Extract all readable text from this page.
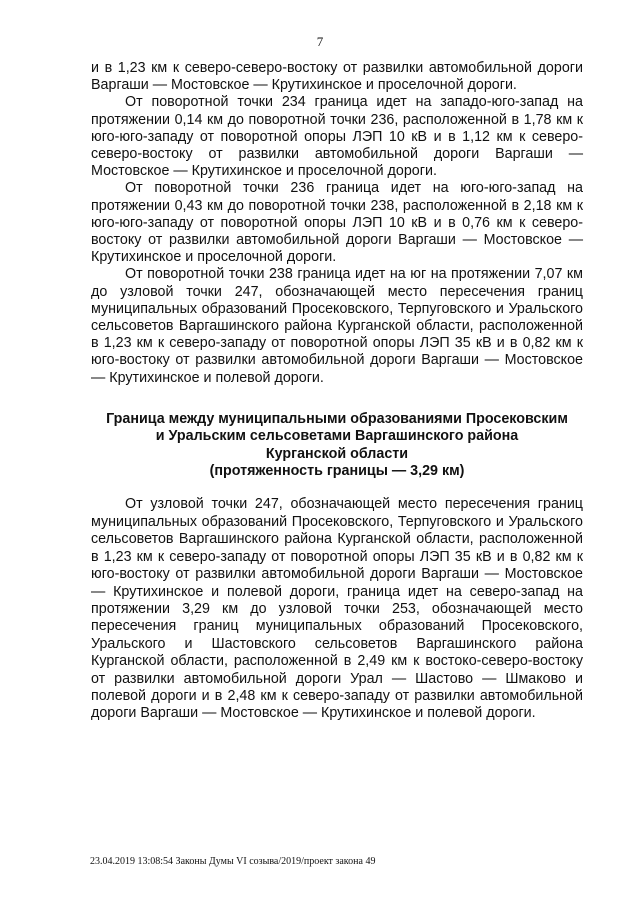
7

и в 1,23 км к северо-северо-востоку от развилки автомобильной дороги Варгаши — Мостовское — Крутихинское и проселочной дороги.

От поворотной точки 234 граница идет на западо-юго-запад на протяжении 0,14 км до поворотной точки 236, расположенной в 1,78 км к юго-юго-западу от поворотной опоры ЛЭП 10 кВ и в 1,12 км к северо-северо-востоку от развилки автомобильной дороги Варгаши — Мостовское — Крутихинское и проселочной дороги.

От поворотной точки 236 граница идет на юго-юго-запад на протяжении 0,43 км до поворотной точки 238, расположенной в 2,18 км к юго-юго-западу от поворотной опоры ЛЭП 10 кВ и в 0,76 км к северо-востоку от развилки автомобильной дороги Варгаши — Мостовское — Крутихинское и проселочной дороги.

От поворотной точки 238 граница идет на юг на протяжении 7,07 км до узловой точки 247, обозначающей место пересечения границ муниципальных образований Просековского, Терпуговского и Уральского сельсоветов Варгашинского района Курганской области, расположенной в 1,23 км к северо-западу от поворотной опоры ЛЭП 35 кВ и в 0,82 км к юго-востоку от развилки автомобильной дороги Варгаши — Мостовское — Крутихинское и полевой дороги.

Граница между муниципальными образованиями Просековским
и Уральским сельсоветами Варгашинского района
Курганской области
(протяженность границы — 3,29 км)

От узловой точки 247, обозначающей место пересечения границ муниципальных образований Просековского, Терпуговского и Уральского сельсоветов Варгашинского района Курганской области, расположенной в 1,23 км к северо-западу от поворотной опоры ЛЭП 35 кВ и в 0,82 км к юго-востоку от развилки автомобильной дороги Варгаши — Мостовское — Крутихинское и полевой дороги, граница идет на северо-запад на протяжении 3,29 км до узловой точки 253, обозначающей место пересечения границ муниципальных образований Просековского, Уральского и Шастовского сельсоветов Варгашинского района Курганской области, расположенной в 2,49 км к востоко-северо-востоку от развилки автомобильной дороги Урал — Шастово — Шмаково и полевой дороги и в 2,48 км к северо-западу от развилки автомобильной дороги Варгаши — Мостовское — Крутихинское и полевой дороги.

23.04.2019 13:08:54 Законы Думы VI созыва/2019/проект закона 49
